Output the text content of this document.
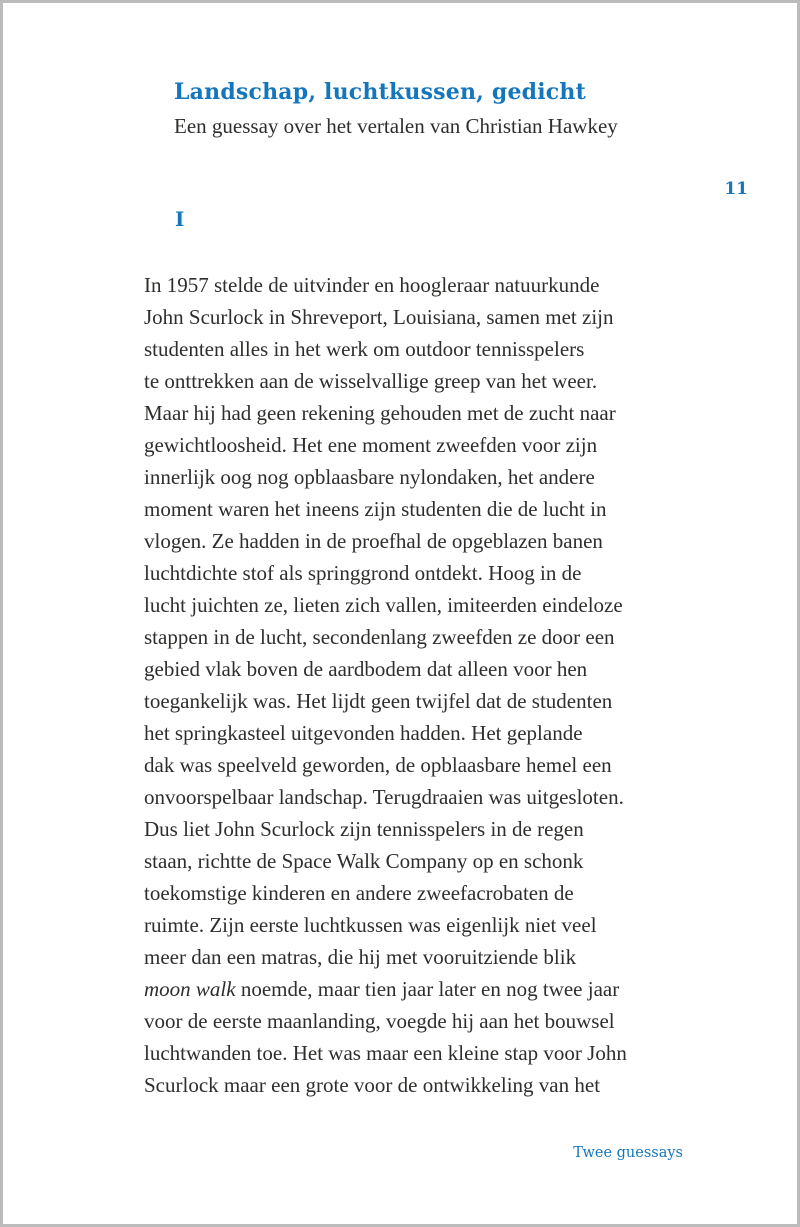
Landschap, luchtkussen, gedicht

Een guessay over het vertalen van Christian Hawkey

11
I
In 1957 stelde de uitvinder en hoogleraar natuurkunde
John Scurlock in Shreveport, Louisiana, samen met zijn
studenten alles in het werk om outdoor tennisspelers
te onttrekken aan de wisselvallige greep van het weer.
Maar hij had geen rekening gehouden met de zucht naar
gewichtloosheid. Het ene moment zweefden voor zijn
innerlijk oog nog opblaasbare nylondaken, het andere
moment waren het ineens zijn studenten die de lucht in
vlogen. Ze hadden in de proefhal de opgeblazen banen
luchtdichte stof als springgrond ontdekt. Hoog in de
lucht juichten ze, lieten zich vallen, imiteerden eindeloze
stappen in de lucht, secondenlang zweefden ze door een
gebied vlak boven de aardbodem dat alleen voor hen
toegankelijk was. Het lijdt geen twijfel dat de studenten
het springkasteel uitgevonden hadden. Het geplande
dak was speelveld geworden, de opblaasbare hemel een
onvoorspelbaar landschap. Terugdraaien was uitgesloten.
Dus liet John Scurlock zijn tennisspelers in de regen
staan, richtte de Space Walk Company op en schonk
toekomstige kinderen en andere zweefacrobaten de
ruimte. Zijn eerste luchtkussen was eigenlijk niet veel
meer dan een matras, die hij met vooruitziende blik
moon walk noemde, maar tien jaar later en nog twee jaar
voor de eerste maanlanding, voegde hij aan het bouwsel
luchtwanden toe. Het was maar een kleine stap voor John
Scurlock maar een grote voor de ontwikkeling van het
Twee guessays
